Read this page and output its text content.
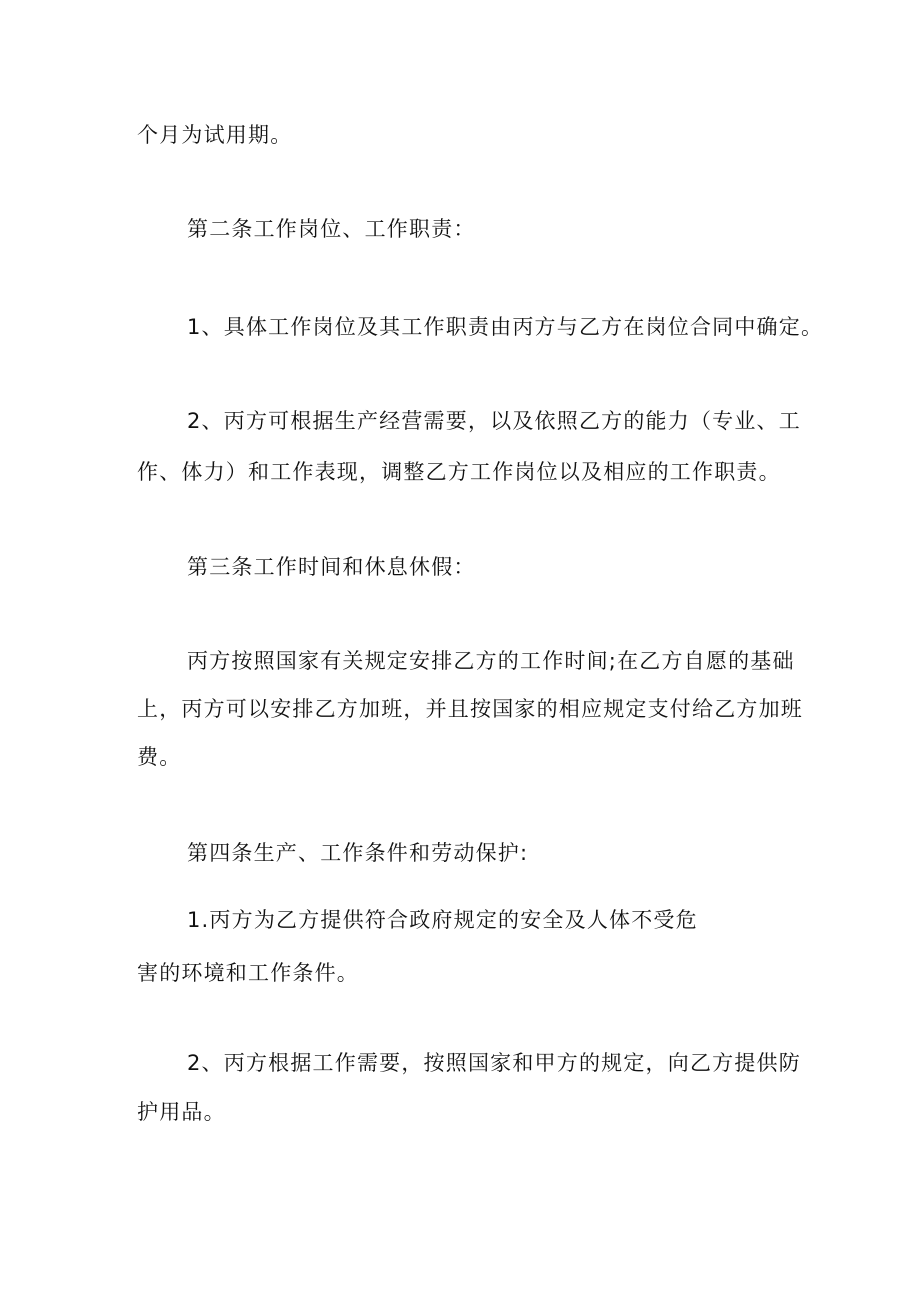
个月为试用期。
第二条工作岗位、工作职责：
1、具体工作岗位及其工作职责由丙方与乙方在岗位合同中确定。
2、丙方可根据生产经营需要，以及依照乙方的能力（专业、工
作、体力）和工作表现，调整乙方工作岗位以及相应的工作职责。
第三条工作时间和休息休假：
丙方按照国家有关规定安排乙方的工作时间;在乙方自愿的基础
上，丙方可以安排乙方加班，并且按国家的相应规定支付给乙方加班
费。
第四条生产、工作条件和劳动保护:
1.丙方为乙方提供符合政府规定的安全及人体不受危
害的环境和工作条件。
2、丙方根据工作需要，按照国家和甲方的规定，向乙方提供防
护用品。
